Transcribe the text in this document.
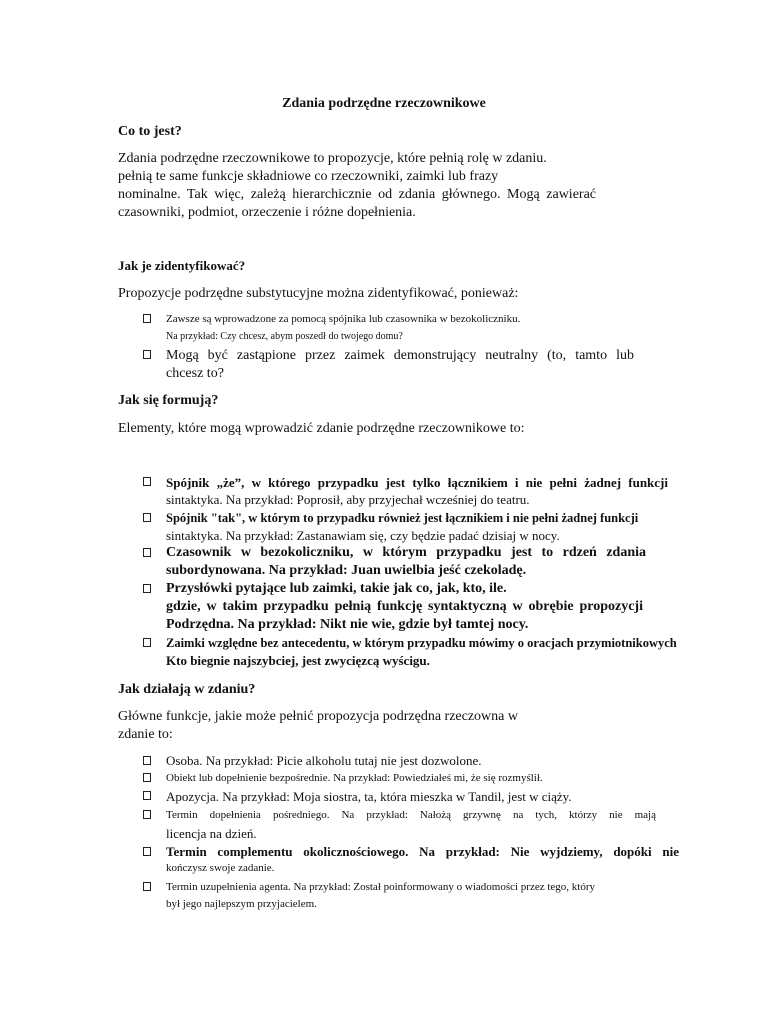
Zdania podrzędne rzeczownikowe
Co to jest?
Zdania podrzędne rzeczownikowe to propozycje, które pełnią rolę w zdaniu.
pełnią te same funkcje składniowe co rzeczowniki, zaimki lub frazy
nominalne. Tak więc, zależą hierarchicznie od zdania głównego. Mogą zawierać
czasowniki, podmiot, orzeczenie i różne dopełnienia.
Jak je zidentyfikować?
Propozycje podrzędne substytucyjne można zidentyfikować, ponieważ:
Zawsze są wprowadzone za pomocą spójnika lub czasownika w bezokoliczniku.
Na przykład: Czy chcesz, abym poszedł do twojego domu?
Mogą być zastąpione przez zaimek demonstrujący neutralny (to, tamto lub
chcesz to?
Jak się formują?
Elementy, które mogą wprowadzić zdanie podrzędne rzeczownikowe to:
Spójnik „że”, w którego przypadku jest tylko łącznikiem i nie pełni żadnej funkcji
sintaktyka. Na przykład: Poprosił, aby przyjechał wcześniej do teatru.
Spójnik "tak", w którym to przypadku również jest łącznikiem i nie pełni żadnej funkcji
sintaktyka. Na przykład: Zastanawiam się, czy będzie padać dzisiaj w nocy.
Czasownik w bezokoliczniku, w którym przypadku jest to rdzeń zdania
subordynowana. Na przykład: Juan uwielbia jeść czekoladę.
Przysłówki pytające lub zaimki, takie jak co, jak, kto, ile.
gdzie, w takim przypadku pełnią funkcję syntaktyczną w obrębie propozycji
Podrzędna. Na przykład: Nikt nie wie, gdzie był tamtej nocy.
Zaimki względne bez antecedentu, w którym przypadku mówimy o oracjach przymiotnikowych
Kto biegnie najszybciej, jest zwycięzcą wyścigu.
Jak działają w zdaniu?
Główne funkcje, jakie może pełnić propozycja podrzędna rzeczowna w
zdanie to:
Osoba. Na przykład: Picie alkoholu tutaj nie jest dozwolone.
Obiekt lub dopełnienie bezpośrednie. Na przykład: Powiedziałeś mi, że się rozmyślił.
Apozycja. Na przykład: Moja siostra, ta, która mieszka w Tandil, jest w ciąży.
Termin dopełnienia pośredniego. Na przykład: Nałożą grzywnę na tych, którzy nie mają
licencja na dzień.
Termin complementu okolicznościowego. Na przykład: Nie wyjdziemy, dopóki nie
kończysz swoje zadanie.
Termin uzupełnienia agenta. Na przykład: Został poinformowany o wiadomości przez tego, który
był jego najlepszym przyjacielem.
